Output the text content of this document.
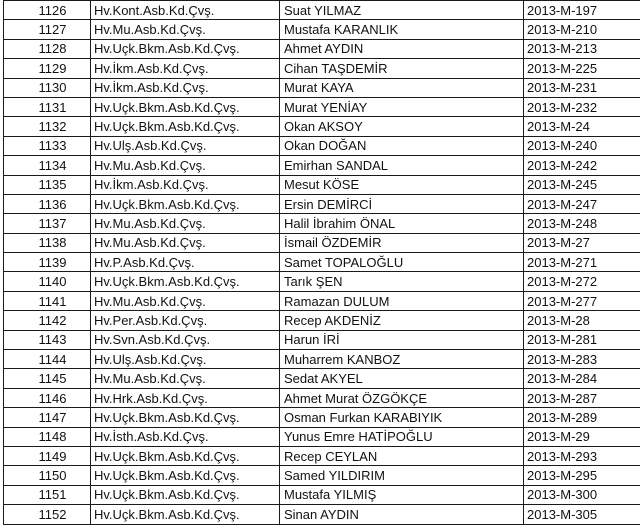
1126	Hv.Kont.Asb.Kd.Çvş.	Suat YILMAZ	2013-M-197
1127	Hv.Mu.Asb.Kd.Çvş.	Mustafa KARANLIK	2013-M-210
1128	Hv.Uçk.Bkm.Asb.Kd.Çvş.	Ahmet AYDIN	2013-M-213
1129	Hv.İkm.Asb.Kd.Çvş.	Cihan TAŞDEMİR	2013-M-225
1130	Hv.İkm.Asb.Kd.Çvş.	Murat KAYA	2013-M-231
1131	Hv.Uçk.Bkm.Asb.Kd.Çvş.	Murat YENİAY	2013-M-232
1132	Hv.Uçk.Bkm.Asb.Kd.Çvş.	Okan AKSOY	2013-M-24
1133	Hv.Ulş.Asb.Kd.Çvş.	Okan DOĞAN	2013-M-240
1134	Hv.Mu.Asb.Kd.Çvş.	Emirhan SANDAL	2013-M-242
1135	Hv.İkm.Asb.Kd.Çvş.	Mesut KÖSE	2013-M-245
1136	Hv.Uçk.Bkm.Asb.Kd.Çvş.	Ersin DEMİRCİ	2013-M-247
1137	Hv.Mu.Asb.Kd.Çvş.	Halil İbrahim ÖNAL	2013-M-248
1138	Hv.Mu.Asb.Kd.Çvş.	İsmail ÖZDEMİR	2013-M-27
1139	Hv.P.Asb.Kd.Çvş.	Samet TOPALOĞLU	2013-M-271
1140	Hv.Uçk.Bkm.Asb.Kd.Çvş.	Tarık ŞEN	2013-M-272
1141	Hv.Mu.Asb.Kd.Çvş.	Ramazan DULUM	2013-M-277
1142	Hv.Per.Asb.Kd.Çvş.	Recep AKDENİZ	2013-M-28
1143	Hv.Svn.Asb.Kd.Çvş.	Harun İRİ	2013-M-281
1144	Hv.Ulş.Asb.Kd.Çvş.	Muharrem KANBOZ	2013-M-283
1145	Hv.Mu.Asb.Kd.Çvş.	Sedat AKYEL	2013-M-284
1146	Hv.Hrk.Asb.Kd.Çvş.	Ahmet Murat ÖZGÖKÇE	2013-M-287
1147	Hv.Uçk.Bkm.Asb.Kd.Çvş.	Osman Furkan KARABIYIK	2013-M-289
1148	Hv.İsth.Asb.Kd.Çvş.	Yunus Emre HATİPOĞLU	2013-M-29
1149	Hv.Uçk.Bkm.Asb.Kd.Çvş.	Recep CEYLAN	2013-M-293
1150	Hv.Uçk.Bkm.Asb.Kd.Çvş.	Samed YILDIRIM	2013-M-295
1151	Hv.Uçk.Bkm.Asb.Kd.Çvş.	Mustafa YILMIŞ	2013-M-300
1152	Hv.Uçk.Bkm.Asb.Kd.Çvş.	Sinan AYDIN	2013-M-305
